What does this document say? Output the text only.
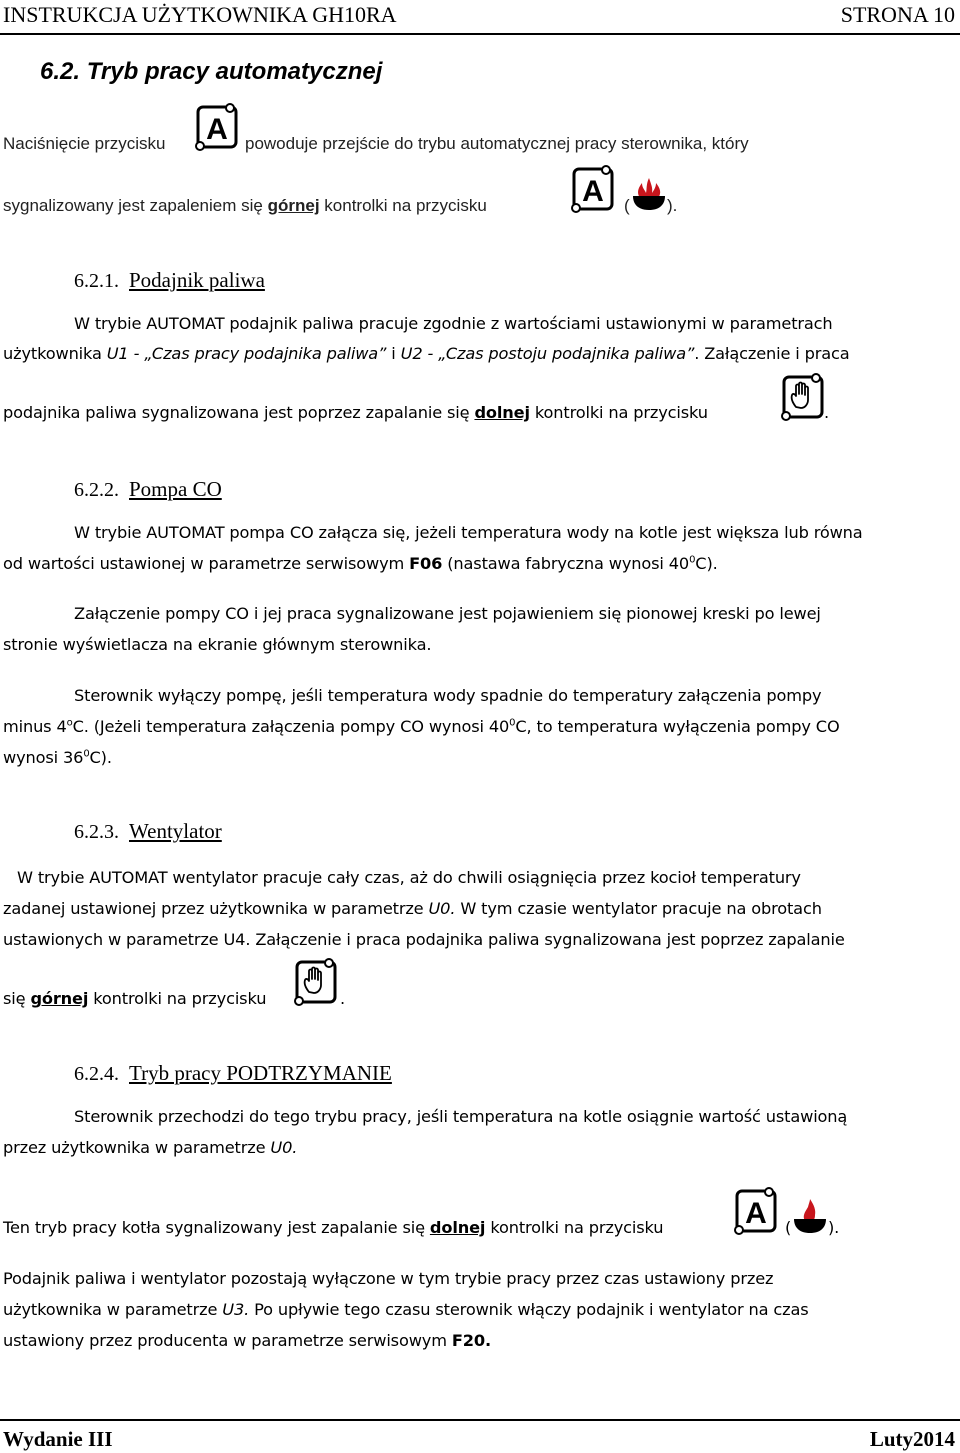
INSTRUKCJA UŻYTKOWNIKA GH10RA	STRONA 10
6.2. Tryb pracy automatycznej
Naciśnięcie przycisku A powoduje przejście do trybu automatycznej pracy sterownika, który
sygnalizowany jest zapaleniem się górnej kontrolki na przycisku	A ( ).
6.2.1. Podajnik paliwa
W trybie AUTOMAT podajnik paliwa pracuje zgodnie z wartościami ustawionymi w parametrach
użytkownika U1 - „Czas pracy podajnika paliwa” i U2 - „Czas postoju podajnika paliwa”. Załączenie i praca
podajnika paliwa sygnalizowana jest poprzez zapalanie się dolnej kontrolki na przycisku	.
6.2.2. Pompa CO
W trybie AUTOMAT pompa CO załącza się, jeżeli temperatura wody na kotle jest większa lub równa
od wartości ustawionej w parametrze serwisowym F06 (nastawa fabryczna wynosi $40^0C$).
Załączenie pompy CO i jej praca sygnalizowane jest pojawieniem się pionowej kreski po lewej
stronie wyświetlacza na ekranie głównym sterownika.
Sterownik wyłączy pompę, jeśli temperatura wody spadnie do temperatury załączenia pompy
minus 4$^o$C. (Jeżeli temperatura załączenia pompy CO wynosi $40^0C$, to temperatura wyłączenia pompy CO
wynosi $36^0C$).
6.2.3. Wentylator
W trybie AUTOMAT wentylator pracuje cały czas, aż do chwili osiągnięcia przez kocioł temperatury
zadanej ustawionej przez użytkownika w parametrze U0. W tym czasie wentylator pracuje na obrotach
ustawionych w parametrze U4. Załączenie i praca podajnika paliwa sygnalizowana jest poprzez zapalanie
się górnej kontrolki na przycisku	.
6.2.4. Tryb pracy PODTRZYMANIE
Sterownik przechodzi do tego trybu pracy, jeśli temperatura na kotle osiągnie wartość ustawioną
przez użytkownika w parametrze U0.
Ten tryb pracy kotła sygnalizowany jest zapalanie się dolnej kontrolki na przycisku	A ( ).
Podajnik paliwa i wentylator pozostają wyłączone w tym trybie pracy przez czas ustawiony przez
użytkownika w parametrze U3. Po upływie tego czasu sterownik włączy podajnik i wentylator na czas
ustawiony przez producenta w parametrze serwisowym F20.
Wydanie III	Luty2014
